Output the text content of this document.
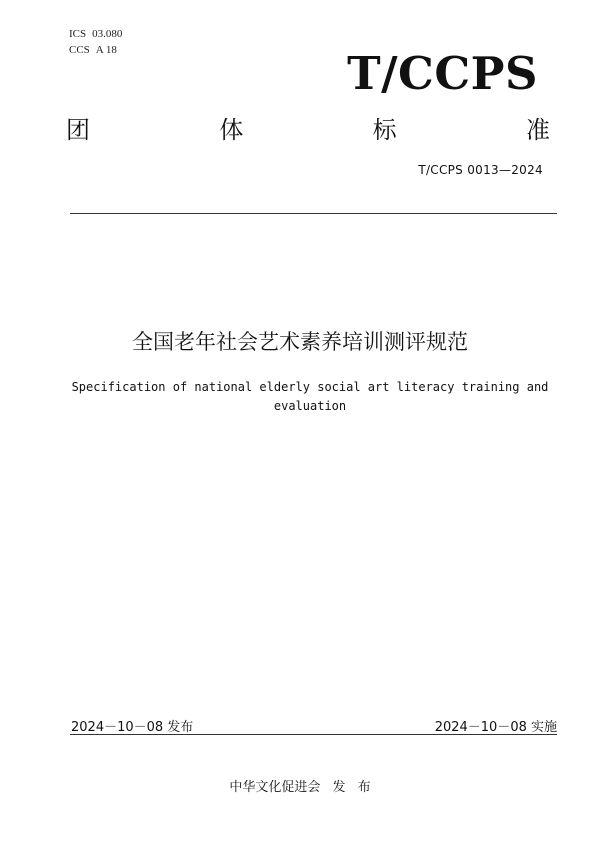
ICS 03.080
CCS A 18	T/CCPS
团	体	标	准
T/CCPS 0013—2024
全国老年社会艺术素养培训测评规范
Specification of national elderly social art literacy training and
evaluation
2024－10－08 发布	2024－10－08 实施
中华文化促进会 发 布
